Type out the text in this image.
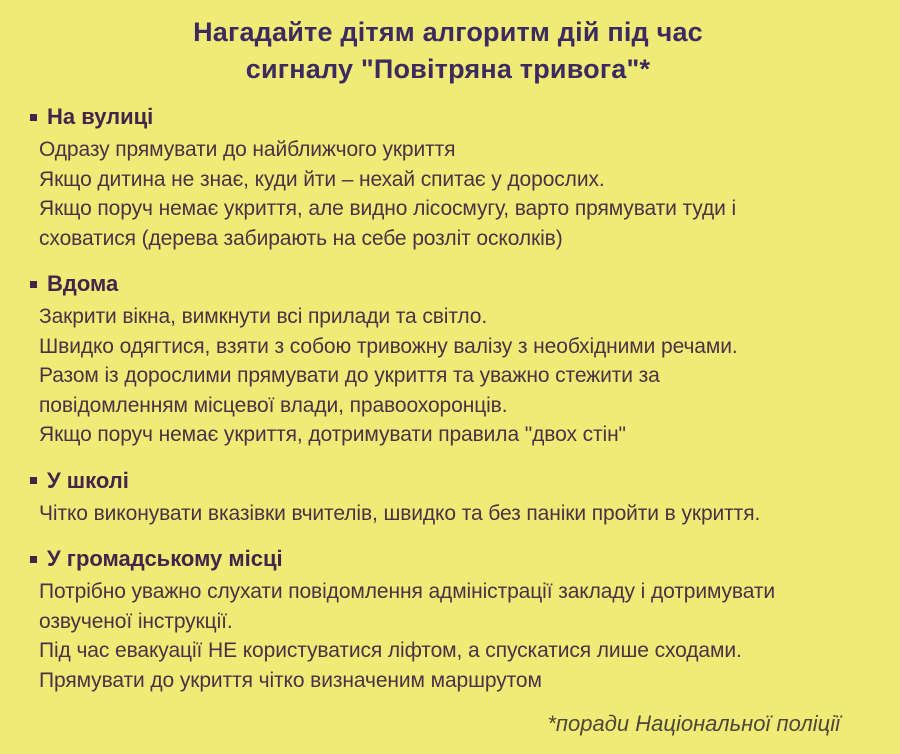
Нагадайте дітям алгоритм дій під час
сигналу "Повітряна тривога"*
На вулиці
Одразу прямувати до найближчого укриття
Якщо дитина не знає, куди йти – нехай спитає у дорослих.
Якщо поруч немає укриття, але видно лісосмугу, варто прямувати туди і
сховатися (дерева забирають на себе розліт осколків)
Вдома
Закрити вікна, вимкнути всі прилади та світло.
Швидко одягтися, взяти з собою тривожну валізу з необхідними речами.
Разом із дорослими прямувати до укриття та уважно стежити за
повідомленням місцевої влади, правоохоронців.
Якщо поруч немає укриття, дотримувати правила "двох стін"
У школі
Чітко виконувати вказівки вчителів, швидко та без паніки пройти в укриття.
У громадському місці
Потрібно уважно слухати повідомлення адміністрації закладу і дотримувати
озвученої інструкції.
Під час евакуації НЕ користуватися ліфтом, а спускатися лише сходами.
Прямувати до укриття чітко визначеним маршрутом
*поради Національної поліції
